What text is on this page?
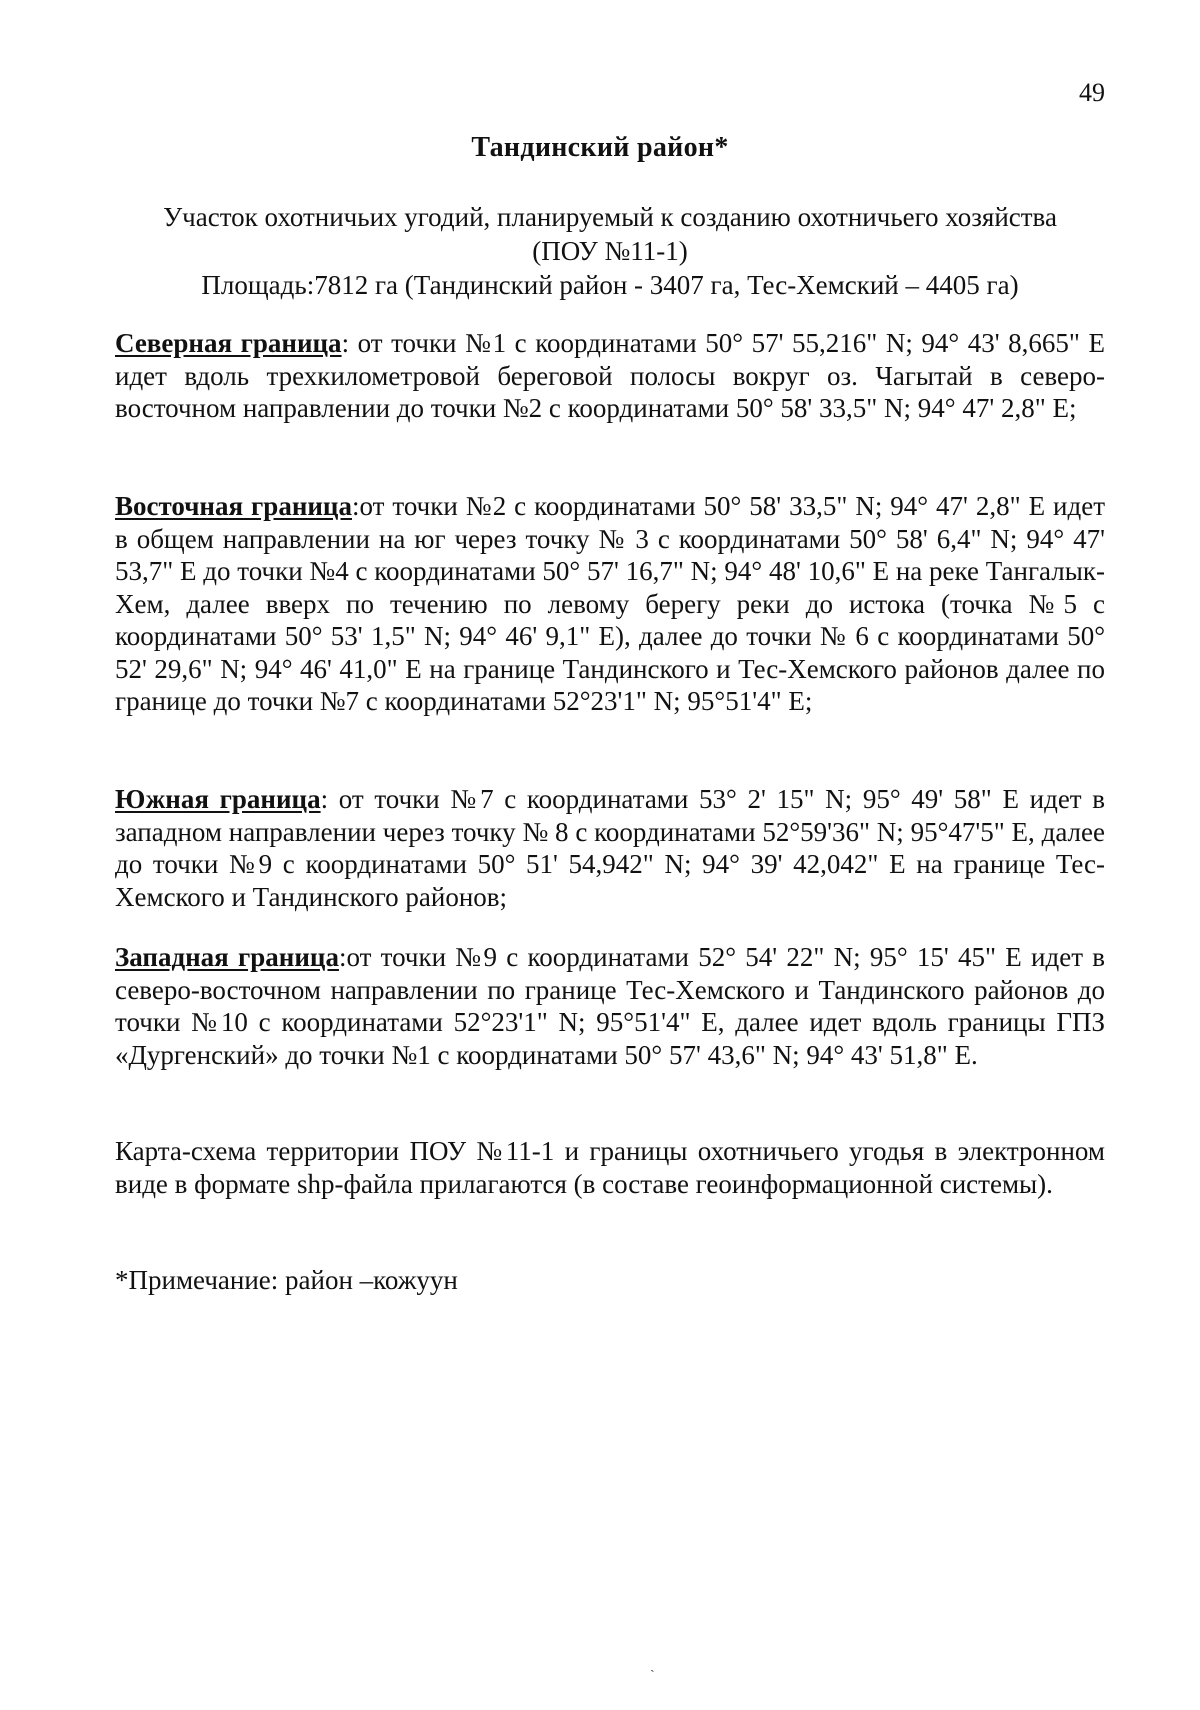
49
Тандинский район*
Участок охотничьих угодий, планируемый к созданию охотничьего хозяйства
(ПОУ №11-1)
Площадь:7812 га (Тандинский район - 3407 га, Тес-Хемский – 4405 га)
Северная граница: от точки №1 с координатами 50° 57' 55,216" N; 94° 43' 8,665" E идет вдоль трехкилометровой береговой полосы вокруг оз. Чагытай в северо-восточном направлении до точки №2 с координатами 50° 58' 33,5" N; 94° 47' 2,8" E;
Восточная граница:от точки №2 с координатами 50° 58' 33,5" N; 94° 47' 2,8" E идет в общем направлении на юг через точку № 3 с координатами 50° 58' 6,4" N; 94° 47' 53,7" E до точки №4 с координатами 50° 57' 16,7" N; 94° 48' 10,6" E на реке Тангалык-Хем, далее вверх по течению по левому берегу реки до истока (точка №5 с координатами 50° 53' 1,5" N; 94° 46' 9,1" E), далее до точки № 6 с координатами 50° 52' 29,6" N; 94° 46' 41,0" E на границе Тандинского и Тес-Хемского районов далее по границе до точки №7 с координатами 52°23'1" N; 95°51'4" E;
Южная граница: от точки №7 с координатами 53° 2' 15" N; 95° 49' 58" E идет в западном направлении через точку № 8 с координатами 52°59'36" N; 95°47'5" E, далее до точки №9 с координатами 50° 51' 54,942" N; 94° 39' 42,042" E на границе Тес-Хемского и Тандинского районов;
Западная граница:от точки №9 с координатами 52° 54' 22" N; 95° 15' 45" E идет в северо-восточном направлении по границе Тес-Хемского и Тандинского районов до точки №10 с координатами 52°23'1" N; 95°51'4" E, далее идет вдоль границы ГПЗ «Дургенский» до точки №1 с координатами 50° 57' 43,6" N; 94° 43' 51,8" E.
Карта-схема территории ПОУ №11-1 и границы охотничьего угодья в электронном виде в формате shp-файла прилагаются (в составе геоинформационной системы).
*Примечание: район –кожуун
ˏ
